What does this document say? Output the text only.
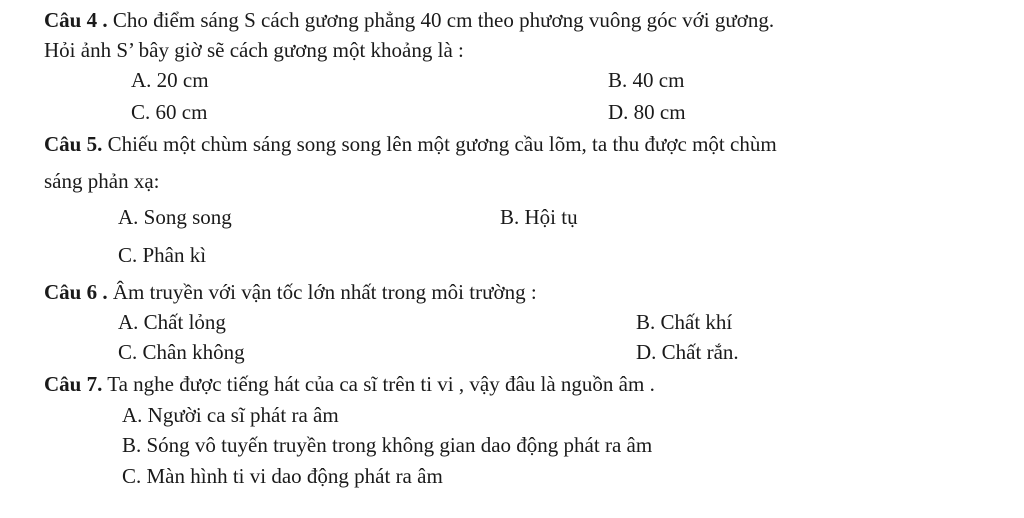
Câu 4 . Cho điểm sáng S cách gương phẳng 40 cm theo phương vuông góc với gương.
Hỏi ảnh S’ bây giờ sẽ cách gương một khoảng là :
A. 20 cm	B. 40 cm
C. 60 cm	D. 80 cm
Câu 5. Chiếu một chùm sáng song song lên một gương cầu lõm, ta thu được một chùm
sáng phản xạ:
A. Song song	B. Hội tụ
C. Phân kì
Câu 6 . Âm truyền với vận tốc lớn nhất trong môi trường :
A. Chất lỏng	B. Chất khí
C. Chân không	D. Chất rắn.
Câu 7. Ta nghe được tiếng hát của ca sĩ trên ti vi , vậy đâu là nguồn âm .
A. Người ca sĩ phát ra âm
B. Sóng vô tuyến truyền trong không gian dao động phát ra âm
C. Màn hình ti vi dao động phát ra âm
